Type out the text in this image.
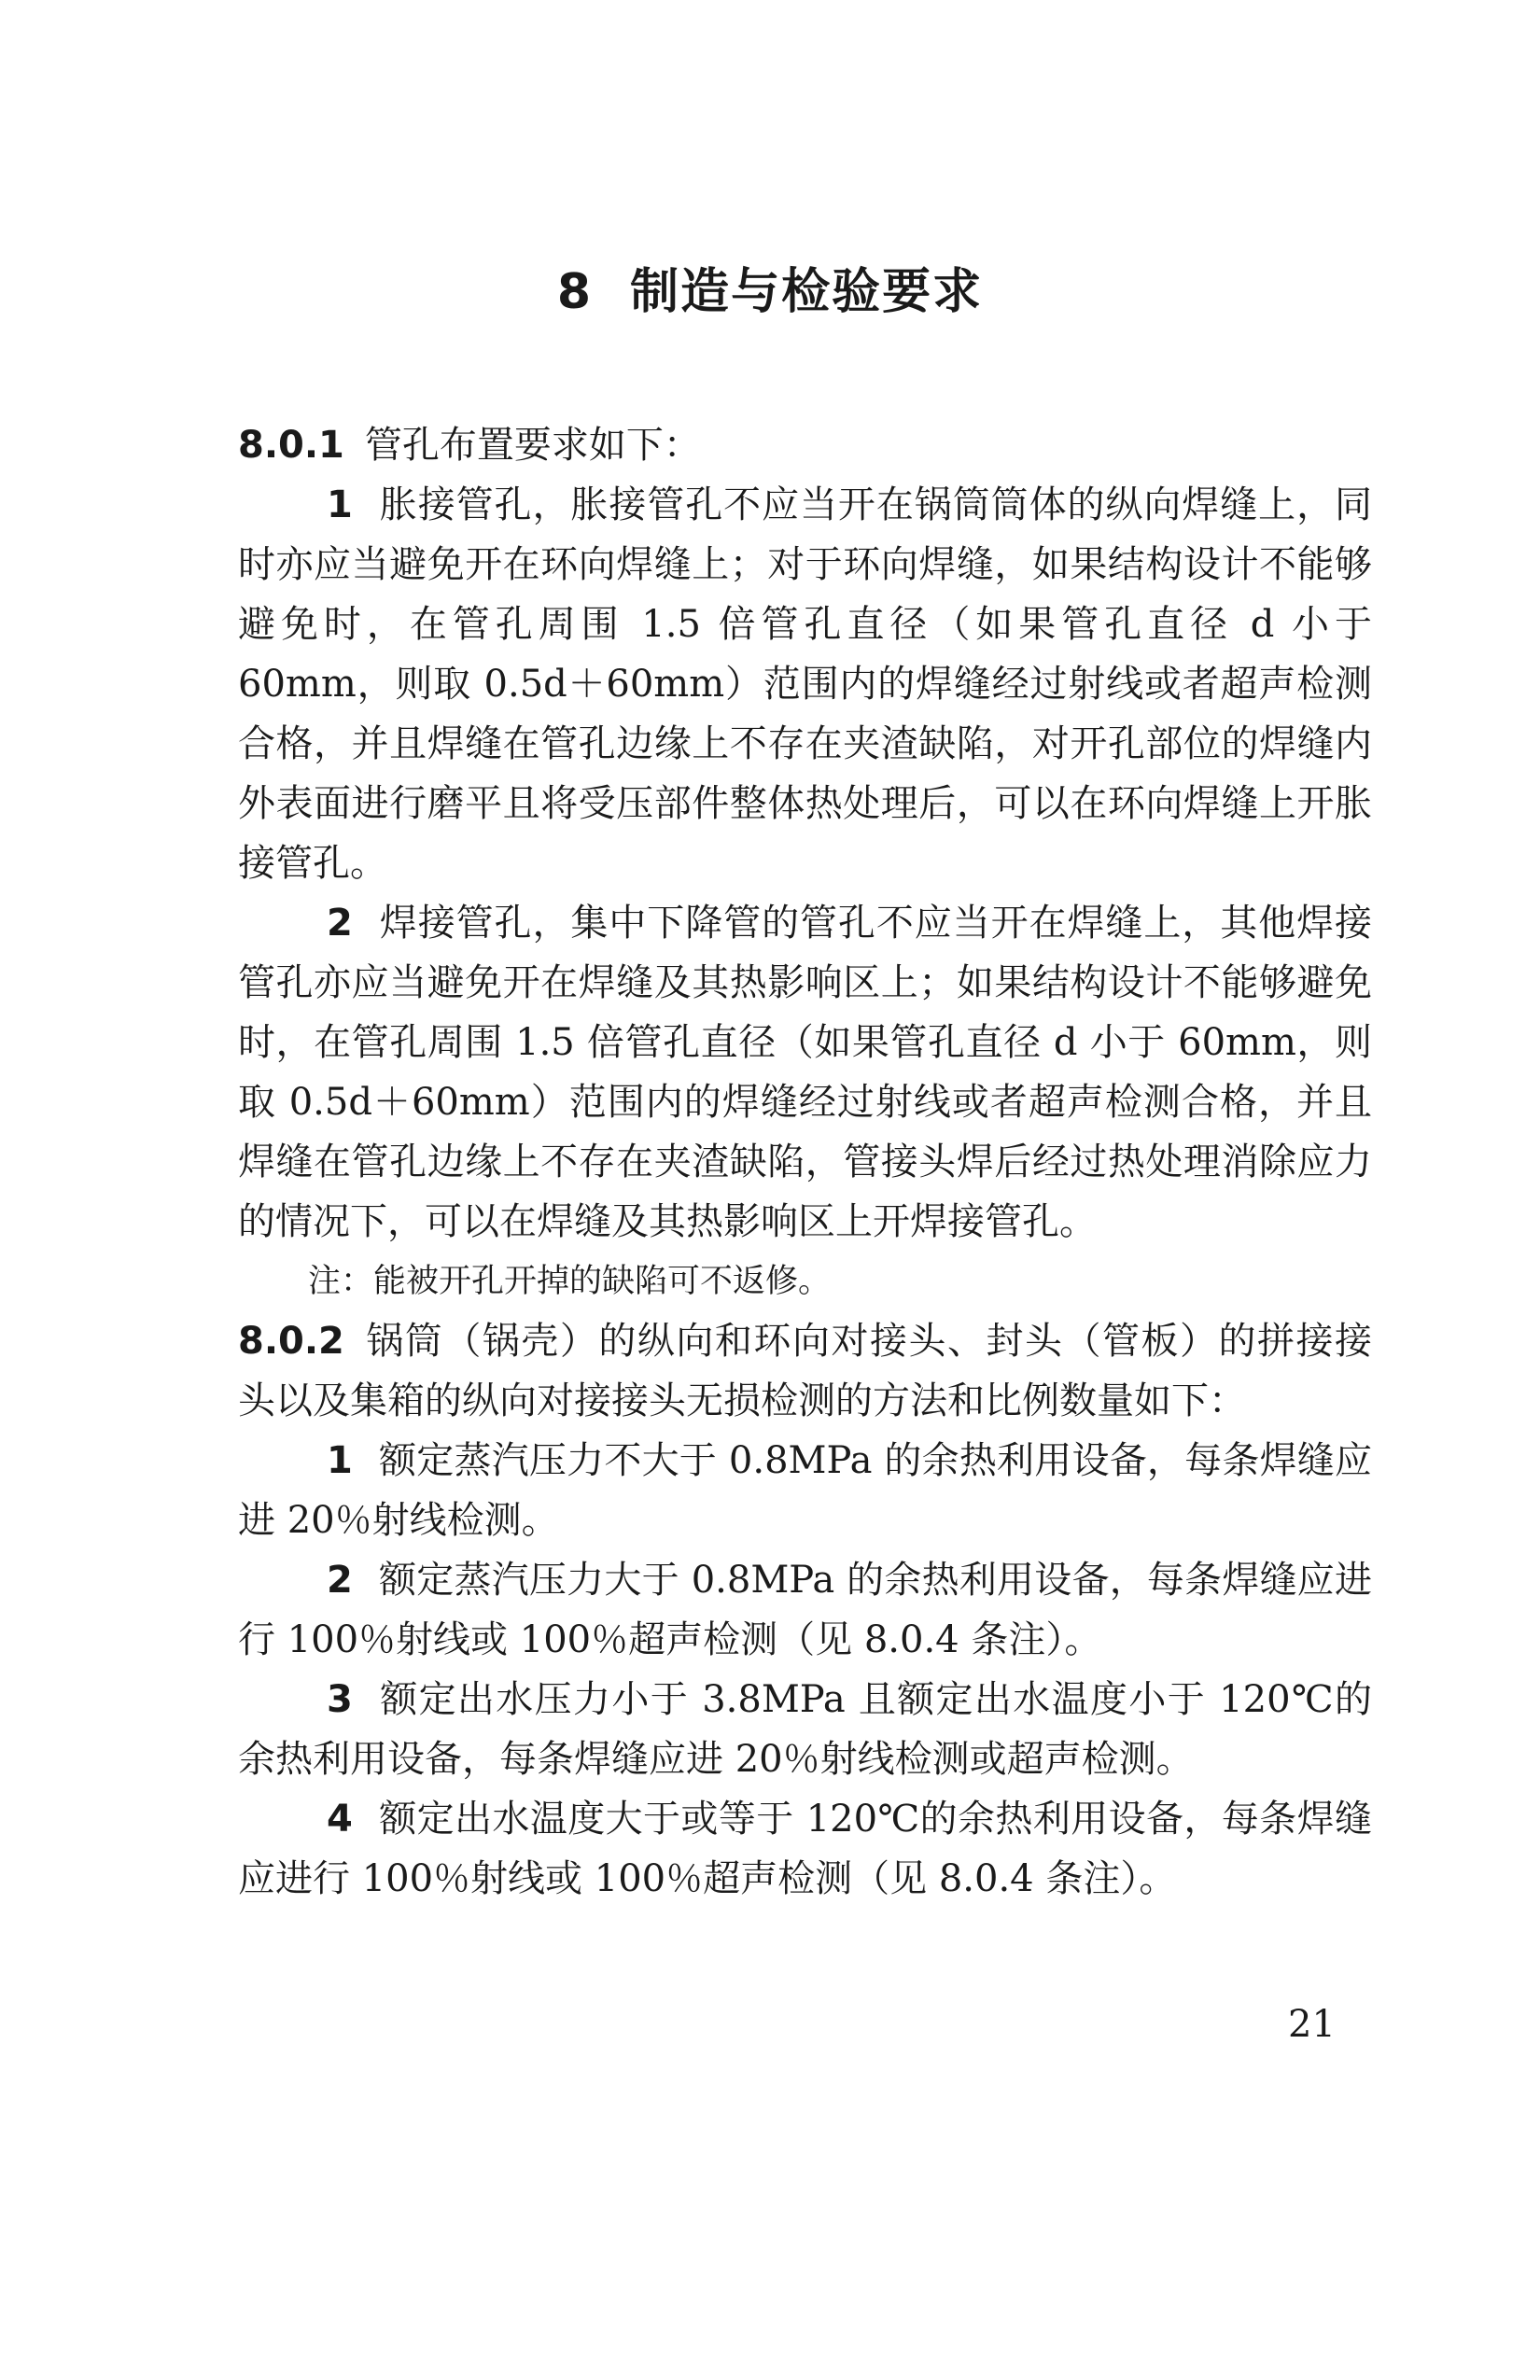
8 制造与检验要求

8.0.1 管孔布置要求如下：

1 胀接管孔，胀接管孔不应当开在锅筒筒体的纵向焊缝上，同时亦应当避免开在环向焊缝上；对于环向焊缝，如果结构设计不能够避免时，在管孔周围 1.5 倍管孔直径（如果管孔直径 d 小于 60mm，则取 0.5d＋60mm）范围内的焊缝经过射线或者超声检测合格，并且焊缝在管孔边缘上不存在夹渣缺陷，对开孔部位的焊缝内外表面进行磨平且将受压部件整体热处理后，可以在环向焊缝上开胀接管孔。

2 焊接管孔，集中下降管的管孔不应当开在焊缝上，其他焊接管孔亦应当避免开在焊缝及其热影响区上；如果结构设计不能够避免时，在管孔周围 1.5 倍管孔直径（如果管孔直径 d 小于 60mm，则取 0.5d＋60mm）范围内的焊缝经过射线或者超声检测合格，并且焊缝在管孔边缘上不存在夹渣缺陷，管接头焊后经过热处理消除应力的情况下，可以在焊缝及其热影响区上开焊接管孔。

注：能被开孔开掉的缺陷可不返修。

8.0.2 锅筒（锅壳）的纵向和环向对接头、封头（管板）的拼接接头以及集箱的纵向对接接头无损检测的方法和比例数量如下：

1 额定蒸汽压力不大于 0.8MPa 的余热利用设备，每条焊缝应进 20％射线检测。

2 额定蒸汽压力大于 0.8MPa 的余热利用设备，每条焊缝应进行 100％射线或 100％超声检测（见 8.0.4 条注）。

3 额定出水压力小于 3.8MPa 且额定出水温度小于 120℃的余热利用设备，每条焊缝应进 20％射线检测或超声检测。

4 额定出水温度大于或等于 120℃的余热利用设备，每条焊缝应进行 100％射线或 100％超声检测（见 8.0.4 条注）。

21
